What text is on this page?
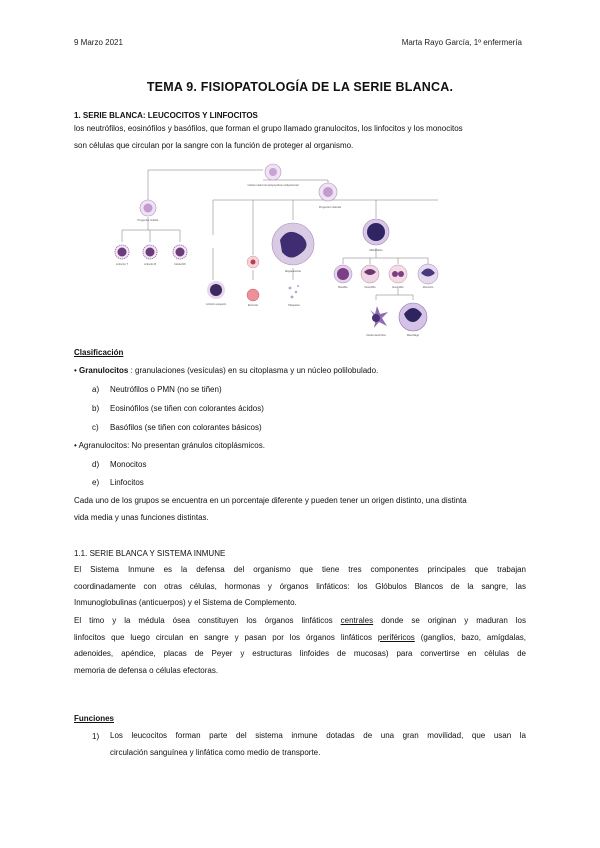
9 Marzo 2021	Marta Rayo García, 1º enfermería
TEMA 9. FISIOPATOLOGÍA DE LA SERIE BLANCA.
1. SERIE BLANCA: LEUCOCITOS Y LINFOCITOS
los neutrófilos, eosinófilos y basófilos, que forman el grupo llamado granulocitos, los linfocitos y los monocitos
son células que circulan por la sangre con la función de proteger al organismo.
Célula madre hematopoyética multipotencial
Progenitor linfoide
Linfocito T	Linfocito B	Célula NK
Progenitor mieloide
Linfocito pequeño
Megacariocito
Eritrocito	Plaquetas
Mieloblasto
Basófilo	Neutrófilo	Eosinófilo	Monocito
Célula dendrítica	Macrófago
Clasificación
• Granulocitos : granulaciones (vesículas) en su citoplasma y un núcleo polilobulado.
a) Neutrófilos o PMN (no se tiñen)
b) Eosinófilos (se tiñen con colorantes ácidos)
c) Basófilos (se tiñen con colorantes básicos)
• Agranulocitos: No presentan gránulos citoplásmicos.
d) Monocitos
e) Linfocitos
Cada uno de los grupos se encuentra en un porcentaje diferente y pueden tener un origen distinto, una distinta
vida media y unas funciones distintas.
1.1. SERIE BLANCA Y SISTEMA INMUNE
El Sistema Inmune es la defensa del organismo que tiene tres componentes principales que trabajan
coordinadamente con otras células, hormonas y órganos linfáticos: los Glóbulos Blancos de la sangre, las
Inmunoglobulinas (anticuerpos) y el Sistema de Complemento.
El timo y la médula ósea constituyen los órganos linfáticos centrales donde se originan y maduran los
linfocitos que luego circulan en sangre y pasan por los órganos linfáticos periféricos (ganglios, bazo, amígdalas,
adenoides, apéndice, placas de Peyer y estructuras linfoides de mucosas) para convertirse en células de
memoria de defensa o células efectoras.
Funciones
1) Los leucocitos forman parte del sistema inmune dotadas de una gran movilidad, que usan la
circulación sanguínea y linfática como medio de transporte.
